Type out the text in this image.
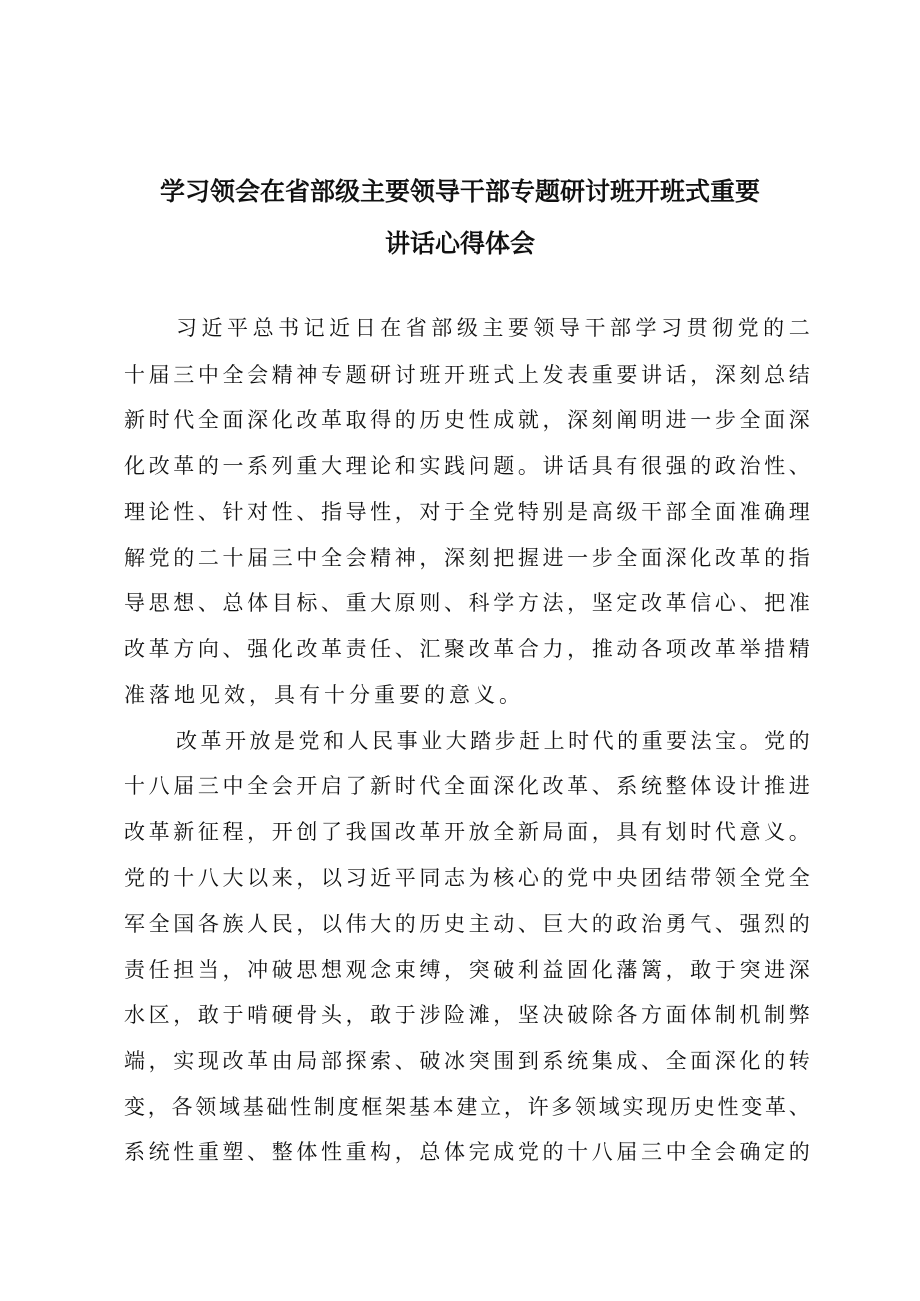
学习领会在省部级主要领导干部专题研讨班开班式重要
讲话心得体会

习近平总书记近日在省部级主要领导干部学习贯彻党的二

十届三中全会精神专题研讨班开班式上发表重要讲话，深刻总结

新时代全面深化改革取得的历史性成就，深刻阐明进一步全面深

化改革的一系列重大理论和实践问题。讲话具有很强的政治性、

理论性、针对性、指导性，对于全党特别是高级干部全面准确理

解党的二十届三中全会精神，深刻把握进一步全面深化改革的指

导思想、总体目标、重大原则、科学方法，坚定改革信心、把准

改革方向、强化改革责任、汇聚改革合力，推动各项改革举措精

准落地见效，具有十分重要的意义。

改革开放是党和人民事业大踏步赶上时代的重要法宝。党的

十八届三中全会开启了新时代全面深化改革、系统整体设计推进

改革新征程，开创了我国改革开放全新局面，具有划时代意义。

党的十八大以来，以习近平同志为核心的党中央团结带领全党全

军全国各族人民，以伟大的历史主动、巨大的政治勇气、强烈的

责任担当，冲破思想观念束缚，突破利益固化藩篱，敢于突进深

水区，敢于啃硬骨头，敢于涉险滩，坚决破除各方面体制机制弊

端，实现改革由局部探索、破冰突围到系统集成、全面深化的转

变，各领域基础性制度框架基本建立，许多领域实现历史性变革、

系统性重塑、整体性重构，总体完成党的十八届三中全会确定的
